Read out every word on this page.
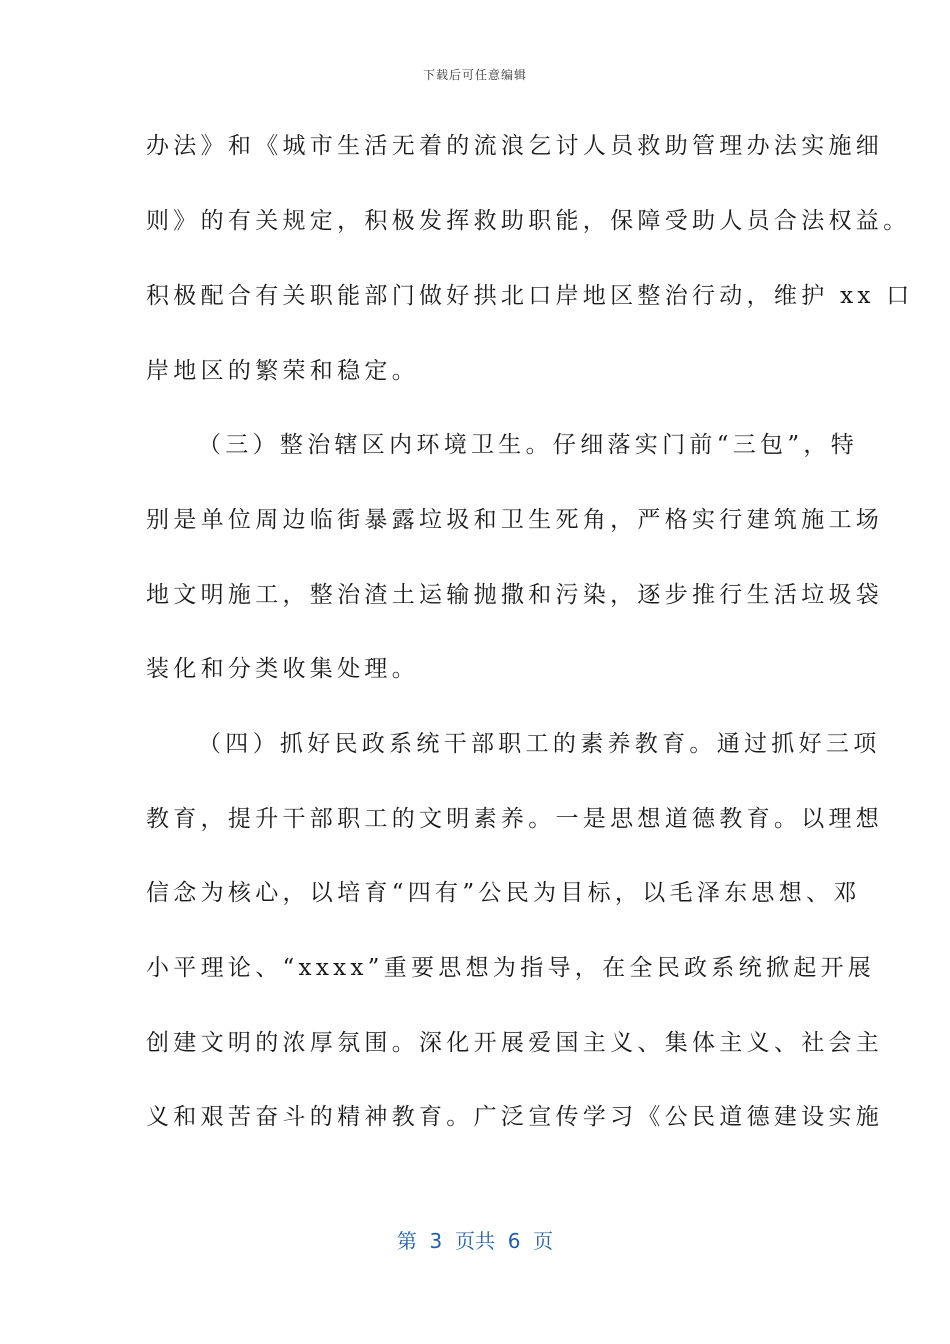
下载后可任意编辑
办法》和《城市生活无着的流浪乞讨人员救助管理办法实施细
则》的有关规定，积极发挥救助职能，保障受助人员合法权益。
积极配合有关职能部门做好拱北口岸地区整治行动，维护 xx 口
岸地区的繁荣和稳定。
（三）整治辖区内环境卫生。仔细落实门前“三包”，特
别是单位周边临街暴露垃圾和卫生死角，严格实行建筑施工场
地文明施工，整治渣土运输抛撒和污染，逐步推行生活垃圾袋
装化和分类收集处理。
（四）抓好民政系统干部职工的素养教育。通过抓好三项
教育，提升干部职工的文明素养。一是思想道德教育。以理想
信念为核心，以培育“四有”公民为目标，以毛泽东思想、邓
小平理论、“xxxx”重要思想为指导，在全民政系统掀起开展
创建文明的浓厚氛围。深化开展爱国主义、集体主义、社会主
义和艰苦奋斗的精神教育。广泛宣传学习《公民道德建设实施
第  3  页共  6  页
